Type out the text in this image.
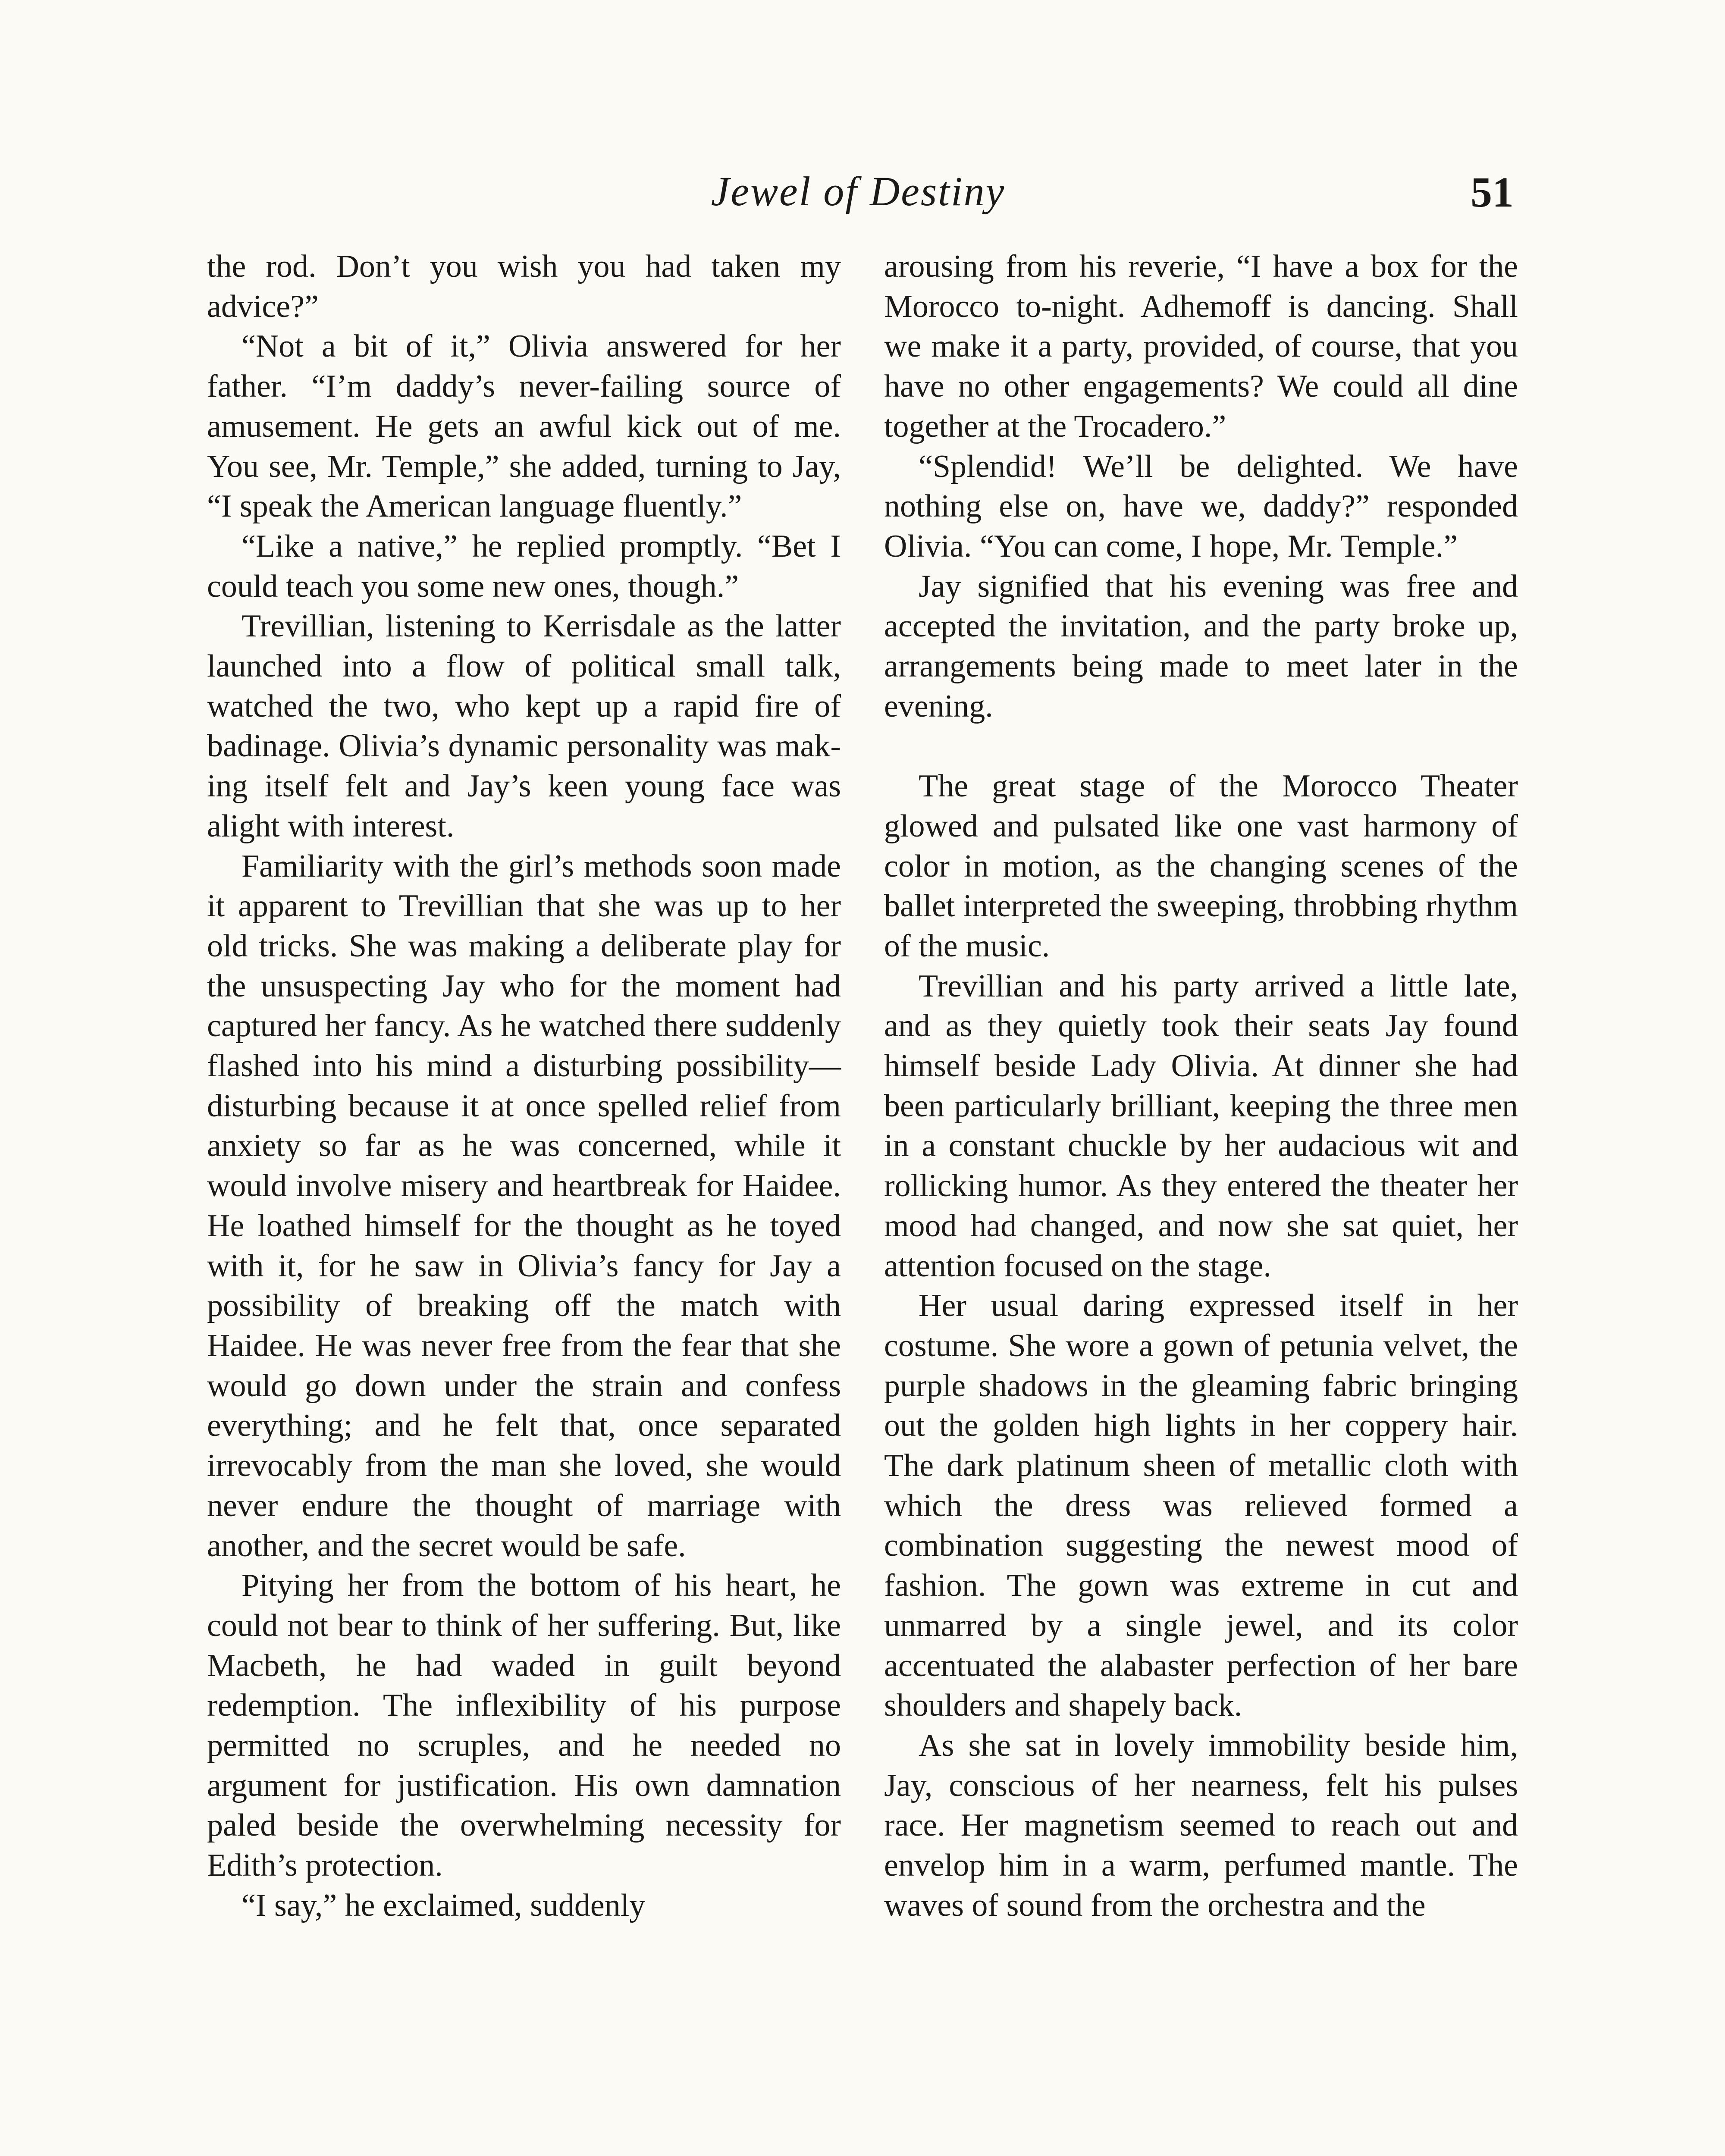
Jewel of Destiny	51

the rod. Don’t you wish you had taken my advice?”

“Not a bit of it,” Olivia answered for her father. “I’m daddy’s never-failing source of amusement. He gets an awful kick out of me. You see, Mr. Temple,” she added, turning to Jay, “I speak the American language fluently.”

“Like a native,” he replied promptly. “Bet I could teach you some new ones, though.”

Trevillian, listening to Kerrisdale as the latter launched into a flow of political small talk, watched the two, who kept up a rapid fire of badinage. Olivia’s dynamic personality was making itself felt and Jay’s keen young face was alight with interest.

Familiarity with the girl’s methods soon made it apparent to Trevillian that she was up to her old tricks. She was making a deliberate play for the unsuspecting Jay who for the moment had captured her fancy. As he watched there suddenly flashed into his mind a disturbing possibility—disturbing because it at once spelled relief from anxiety so far as he was concerned, while it would involve misery and heartbreak for Haidee. He loathed himself for the thought as he toyed with it, for he saw in Olivia’s fancy for Jay a possibility of breaking off the match with Haidee. He was never free from the fear that she would go down under the strain and confess everything; and he felt that, once separated irrevocably from the man she loved, she would never endure the thought of marriage with another, and the secret would be safe.

Pitying her from the bottom of his heart, he could not bear to think of her suffering. But, like Macbeth, he had waded in guilt beyond redemption. The inflexibility of his purpose permitted no scruples, and he needed no argument for justification. His own damnation paled beside the overwhelming necessity for Edith’s protection.

“I say,” he exclaimed, suddenly

arousing from his reverie, “I have a box for the Morocco to-night. Adhemoff is dancing. Shall we make it a party, provided, of course, that you have no other engagements? We could all dine together at the Trocadero.”

“Splendid! We’ll be delighted. We have nothing else on, have we, daddy?” responded Olivia. “You can come, I hope, Mr. Temple.”

Jay signified that his evening was free and accepted the invitation, and the party broke up, arrangements being made to meet later in the evening.

The great stage of the Morocco Theater glowed and pulsated like one vast harmony of color in motion, as the changing scenes of the ballet interpreted the sweeping, throbbing rhythm of the music.

Trevillian and his party arrived a little late, and as they quietly took their seats Jay found himself beside Lady Olivia. At dinner she had been particularly brilliant, keeping the three men in a constant chuckle by her audacious wit and rollicking humor. As they entered the theater her mood had changed, and now she sat quiet, her attention focused on the stage.

Her usual daring expressed itself in her costume. She wore a gown of petunia velvet, the purple shadows in the gleaming fabric bringing out the golden high lights in her coppery hair. The dark platinum sheen of metallic cloth with which the dress was relieved formed a combination suggesting the newest mood of fashion. The gown was extreme in cut and unmarred by a single jewel, and its color accentuated the alabaster perfection of her bare shoulders and shapely back.

As she sat in lovely immobility beside him, Jay, conscious of her nearness, felt his pulses race. Her magnetism seemed to reach out and envelop him in a warm, perfumed mantle. The waves of sound from the orchestra and the
